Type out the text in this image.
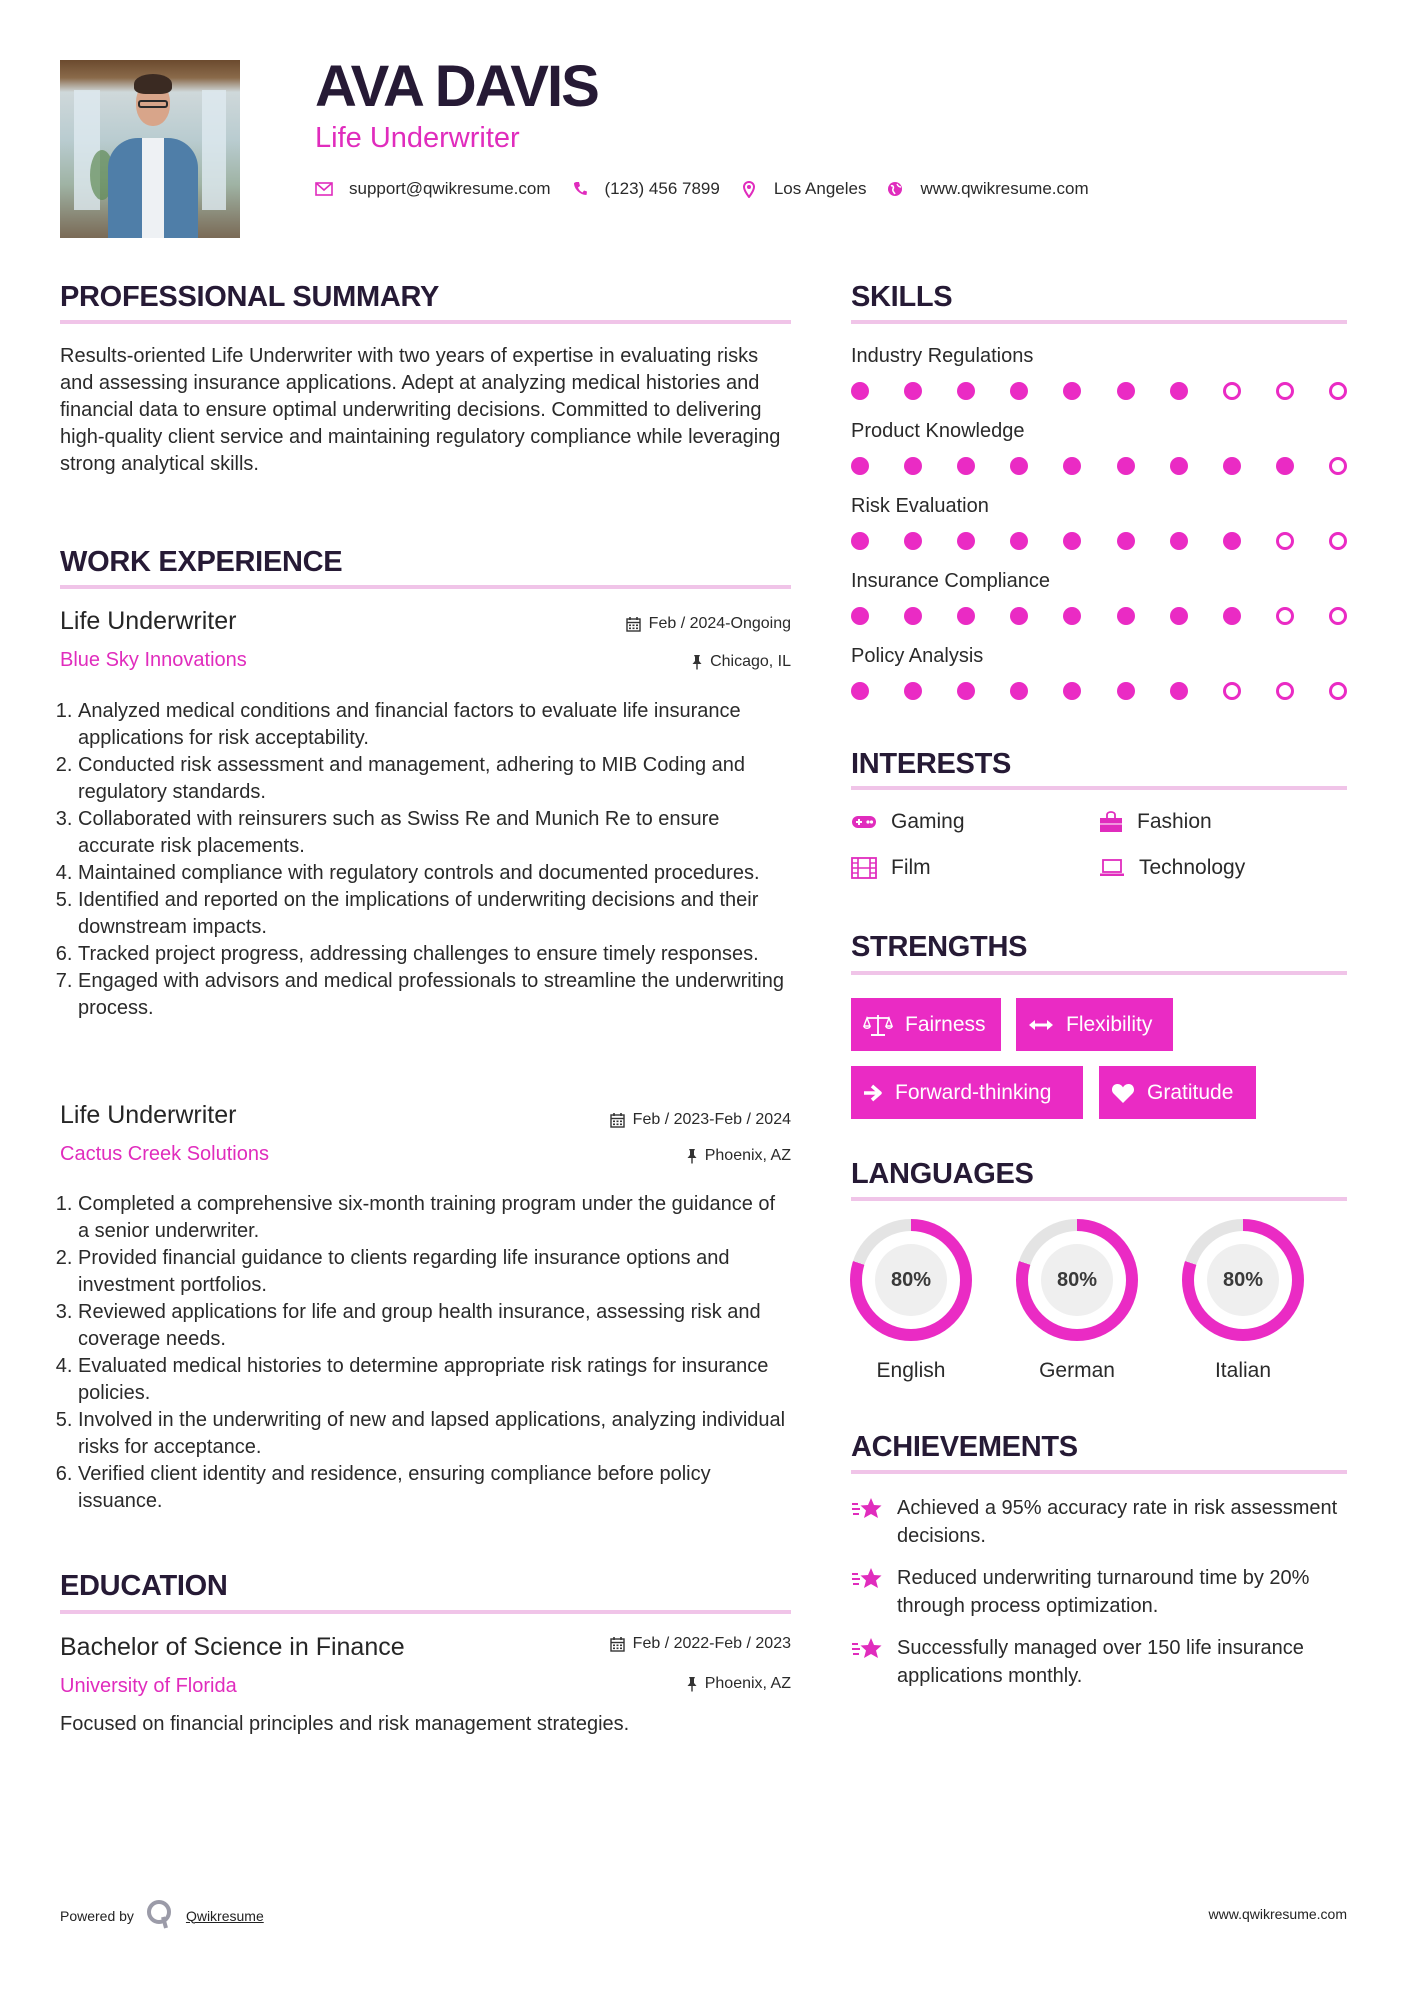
AVA DAVIS
Life Underwriter
support@qwikresume.com	(123) 456 7899	Los Angeles	www.qwikresume.com
PROFESSIONAL SUMMARY
Results-oriented Life Underwriter with two years of expertise in evaluating risks and assessing insurance applications. Adept at analyzing medical histories and financial data to ensure optimal underwriting decisions. Committed to delivering high-quality client service and maintaining regulatory compliance while leveraging strong analytical skills.
WORK EXPERIENCE
Life Underwriter	Feb / 2024-Ongoing
Blue Sky Innovations	Chicago, IL
1. Analyzed medical conditions and financial factors to evaluate life insurance applications for risk acceptability.
2. Conducted risk assessment and management, adhering to MIB Coding and regulatory standards.
3. Collaborated with reinsurers such as Swiss Re and Munich Re to ensure accurate risk placements.
4. Maintained compliance with regulatory controls and documented procedures.
5. Identified and reported on the implications of underwriting decisions and their downstream impacts.
6. Tracked project progress, addressing challenges to ensure timely responses.
7. Engaged with advisors and medical professionals to streamline the underwriting process.
Life Underwriter	Feb / 2023-Feb / 2024
Cactus Creek Solutions	Phoenix, AZ
1. Completed a comprehensive six-month training program under the guidance of a senior underwriter.
2. Provided financial guidance to clients regarding life insurance options and investment portfolios.
3. Reviewed applications for life and group health insurance, assessing risk and coverage needs.
4. Evaluated medical histories to determine appropriate risk ratings for insurance policies.
5. Involved in the underwriting of new and lapsed applications, analyzing individual risks for acceptance.
6. Verified client identity and residence, ensuring compliance before policy issuance.
EDUCATION
Bachelor of Science in Finance	Feb / 2022-Feb / 2023
University of Florida	Phoenix, AZ
Focused on financial principles and risk management strategies.
SKILLS
Industry Regulations
Product Knowledge
Risk Evaluation
Insurance Compliance
Policy Analysis
INTERESTS
Gaming	Fashion
Film	Technology
STRENGTHS
Fairness	Flexibility
Forward-thinking	Gratitude
LANGUAGES
80%
English
80%
German
80%
Italian
ACHIEVEMENTS
Achieved a 95% accuracy rate in risk assessment decisions.
Reduced underwriting turnaround time by 20% through process optimization.
Successfully managed over 150 life insurance applications monthly.
Powered by	Qwikresume	www.qwikresume.com
